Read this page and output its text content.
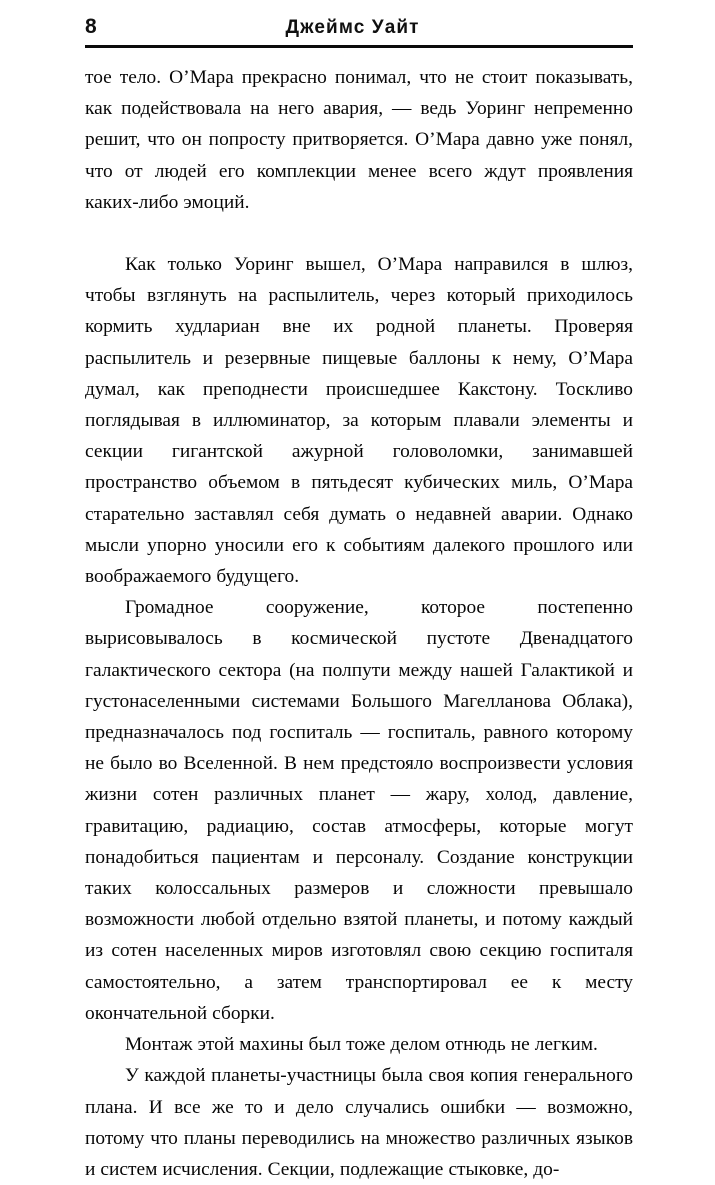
8	Джеймс Уайт

тое тело. О’Мара прекрасно понимал, что не стоит показывать, как подействовала на него авария, — ведь Уоринг непременно решит, что он попросту притворяется. О’Мара давно уже понял, что от людей его комплекции менее всего ждут проявления каких-либо эмоций.

Как только Уоринг вышел, О’Мара направился в шлюз, чтобы взглянуть на распылитель, через который приходилось кормить худлариан вне их родной планеты. Проверяя распылитель и резервные пищевые баллоны к нему, О’Мара думал, как преподнести происшедшее Какстону. Тоскливо поглядывая в иллюминатор, за которым плавали элементы и секции гигантской ажурной головоломки, занимавшей пространство объемом в пятьдесят кубических миль, О’Мара старательно заставлял себя думать о недавней аварии. Однако мысли упорно уносили его к событиям далекого прошлого или воображаемого будущего.

Громадное сооружение, которое постепенно вырисовывалось в космической пустоте Двенадцатого галактического сектора (на полпути между нашей Галактикой и густонаселенными системами Большого Магелланова Облака), предназначалось под госпиталь — госпиталь, равного которому не было во Вселенной. В нем предстояло воспроизвести условия жизни сотен различных планет — жару, холод, давление, гравитацию, радиацию, состав атмосферы, которые могут понадобиться пациентам и персоналу. Создание конструкции таких колоссальных размеров и сложности превышало возможности любой отдельно взятой планеты, и потому каждый из сотен населенных миров изготовлял свою секцию госпиталя самостоятельно, а затем транспортировал ее к месту окончательной сборки.

Монтаж этой махины был тоже делом отнюдь не легким.

У каждой планеты-участницы была своя копия генерального плана. И все же то и дело случались ошибки — возможно, потому что планы переводились на множество различных языков и систем исчисления. Секции, подлежащие стыковке, до-
